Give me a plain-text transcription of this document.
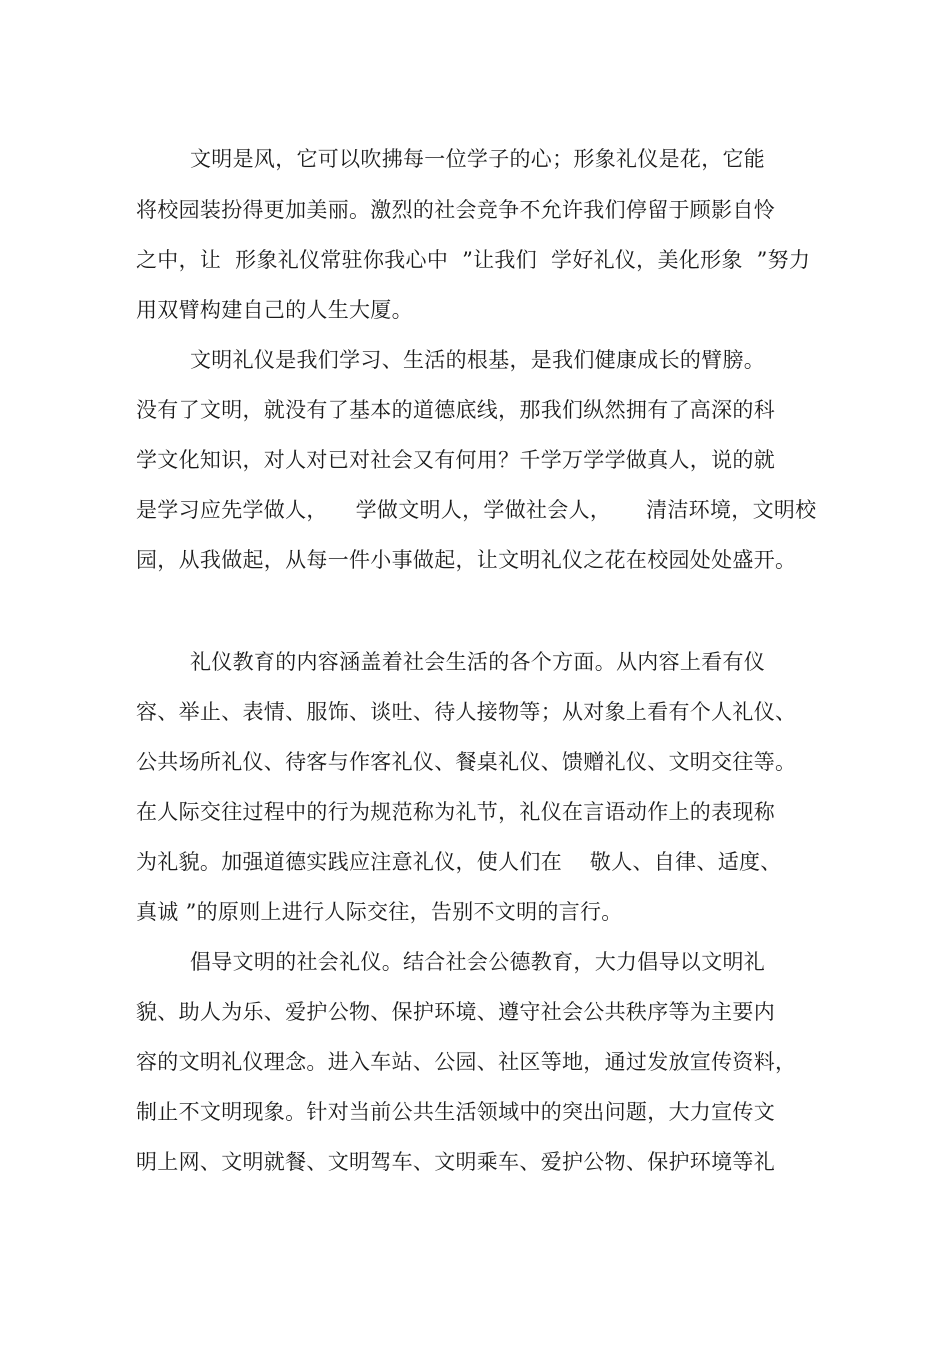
文明是风，它可以吹拂每一位学子的心；形象礼仪是花，它能
将校园装扮得更加美丽。激烈的社会竞争不允许我们停留于顾影自怜
之中，让  形象礼仪常驻你我心中  ”让我们  学好礼仪，美化形象  ”努力
用双臂构建自己的人生大厦。
文明礼仪是我们学习、生活的根基，是我们健康成长的臂膀。
没有了文明，就没有了基本的道德底线，那我们纵然拥有了高深的科
学文化知识，对人对已对社会又有何用？千学万学学做真人，说的就
是学习应先学做人，    学做文明人，学做社会人，     清洁环境，文明校
园，从我做起，从每一件小事做起，让文明礼仪之花在校园处处盛开。
礼仪教育的内容涵盖着社会生活的各个方面。从内容上看有仪
容、举止、表情、服饰、谈吐、待人接物等；从对象上看有个人礼仪、
公共场所礼仪、待客与作客礼仪、餐桌礼仪、馈赠礼仪、文明交往等。
在人际交往过程中的行为规范称为礼节，礼仪在言语动作上的表现称
为礼貌。加强道德实践应注意礼仪，使人们在    敬人、自律、适度、
真诚 ”的原则上进行人际交往，告别不文明的言行。
倡导文明的社会礼仪。结合社会公德教育，大力倡导以文明礼
貌、助人为乐、爱护公物、保护环境、遵守社会公共秩序等为主要内
容的文明礼仪理念。进入车站、公园、社区等地，通过发放宣传资料，
制止不文明现象。针对当前公共生活领域中的突出问题，大力宣传文
明上网、文明就餐、文明驾车、文明乘车、爱护公物、保护环境等礼
